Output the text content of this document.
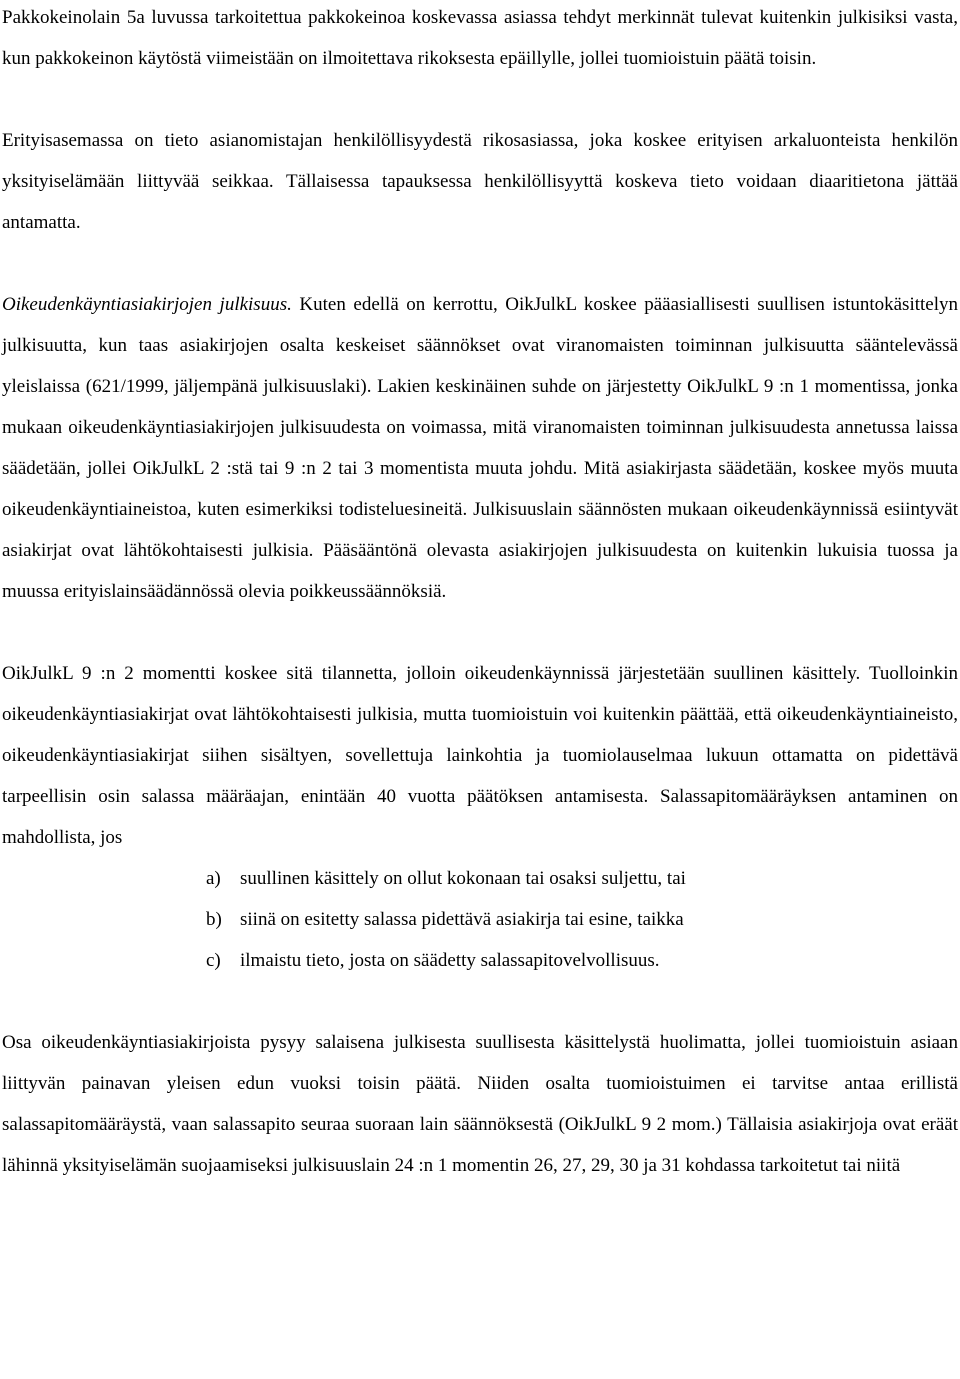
Pakkokeinolain 5a luvussa tarkoitettua pakkokeinoa koskevassa asiassa tehdyt merkinnät tulevat kuitenkin julkisiksi vasta, kun pakkokeinon käytöstä viimeistään on ilmoitettava rikoksesta epäillylle, jollei tuomioistuin päätä toisin.

Erityisasemassa on tieto asianomistajan henkilöllisyydestä rikosasiassa, joka koskee erityisen arkaluonteista henkilön yksityiselämään liittyvää seikkaa. Tällaisessa tapauksessa henkilöllisyyttä koskeva tieto voidaan diaaritietona jättää antamatta.

Oikeudenkäyntiasiakirjojen julkisuus. Kuten edellä on kerrottu, OikJulkL koskee pääasiallisesti suullisen istuntokäsittelyn julkisuutta, kun taas asiakirjojen osalta keskeiset säännökset ovat viranomaisten toiminnan julkisuutta sääntelevässä yleislaissa (621/1999, jäljempänä julkisuuslaki). Lakien keskinäinen suhde on järjestetty OikJulkL 9 :n 1 momentissa, jonka mukaan oikeudenkäyntiasiakirjojen julkisuudesta on voimassa, mitä viranomaisten toiminnan julkisuudesta annetussa laissa säädetään, jollei OikJulkL 2 :stä tai 9 :n 2 tai 3 momentista muuta johdu. Mitä asiakirjasta säädetään, koskee myös muuta oikeudenkäyntiaineistoa, kuten esimerkiksi todisteluesineitä. Julkisuuslain säännösten mukaan oikeudenkäynnissä esiintyvät asiakirjat ovat lähtökohtaisesti julkisia. Pääsääntönä olevasta asiakirjojen julkisuudesta on kuitenkin lukuisia tuossa ja muussa erityislainsäädännössä olevia poikkeussäännöksiä.

OikJulkL 9 :n 2 momentti koskee sitä tilannetta, jolloin oikeudenkäynnissä järjestetään suullinen käsittely. Tuolloinkin oikeudenkäyntiasiakirjat ovat lähtökohtaisesti julkisia, mutta tuomioistuin voi kuitenkin päättää, että oikeudenkäyntiaineisto, oikeudenkäyntiasiakirjat siihen sisältyen, sovellettuja lainkohtia ja tuomiolauselmaa lukuun ottamatta on pidettävä tarpeellisin osin salassa määräajan, enintään 40 vuotta päätöksen antamisesta. Salassapitomääräyksen antaminen on mahdollista, jos

a)	suullinen käsittely on ollut kokonaan tai osaksi suljettu, tai
b) siinä on esitetty salassa pidettävä asiakirja tai esine, taikka
c)	ilmaistu tieto, josta on säädetty salassapitovelvollisuus.

Osa oikeudenkäyntiasiakirjoista pysyy salaisena julkisesta suullisesta käsittelystä huolimatta, jollei tuomioistuin asiaan liittyvän painavan yleisen edun vuoksi toisin päätä. Niiden osalta tuomioistuimen ei tarvitse antaa erillistä salassapitomääräystä, vaan salassapito seuraa suoraan lain säännöksestä (OikJulkL 9 2 mom.) Tällaisia asiakirjoja ovat eräät lähinnä yksityiselämän suojaamiseksi julkisuuslain 24 :n 1 momentin 26, 27, 29, 30 ja 31 kohdassa tarkoitetut tai niitä
